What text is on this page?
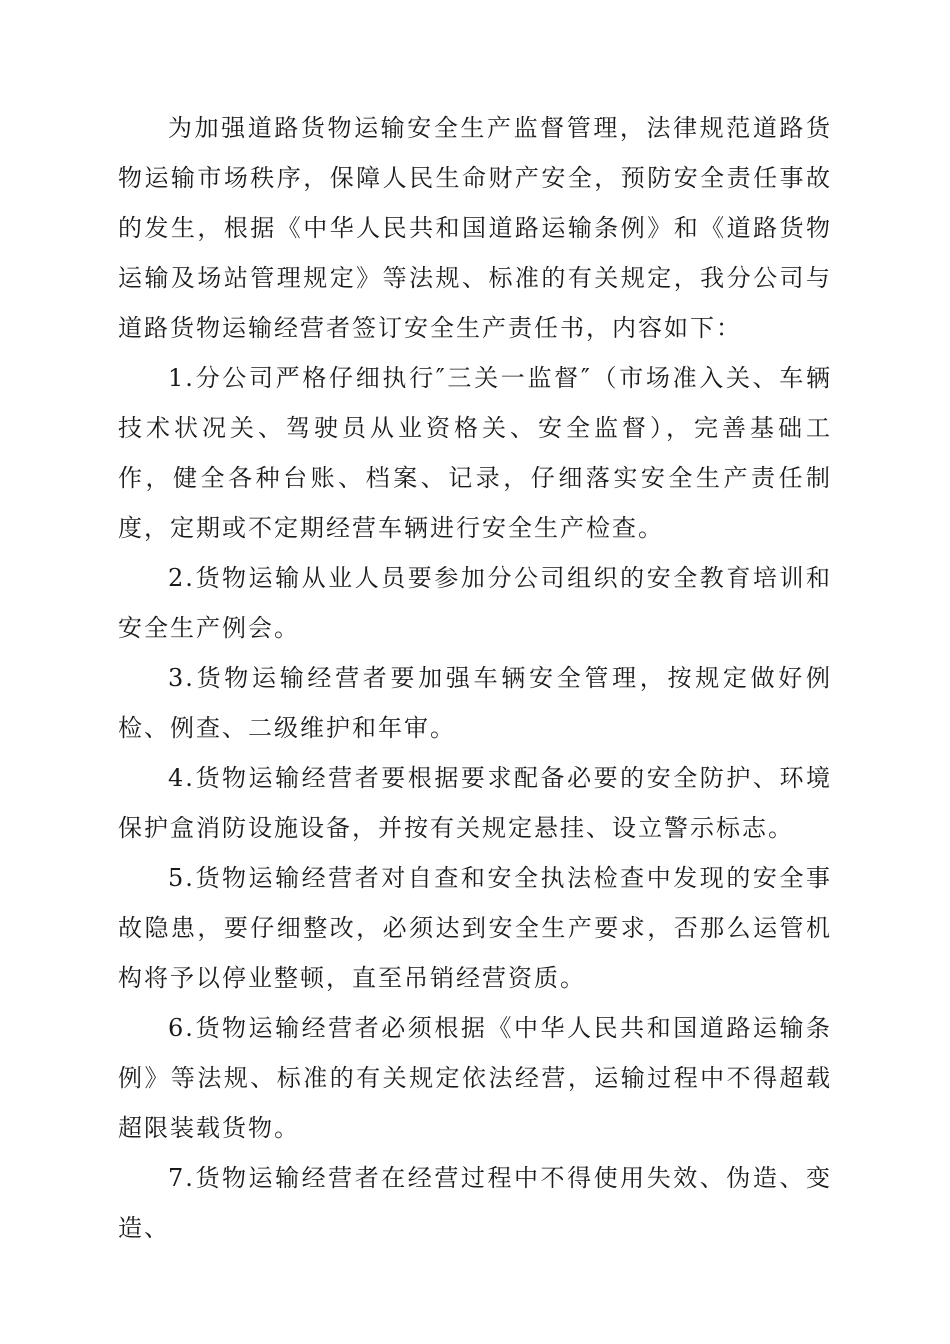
为加强道路货物运输安全生产监督管理，法律规范道路货物运输市场秩序，保障人民生命财产安全，预防安全责任事故的发生，根据《中华人民共和国道路运输条例》和《道路货物运输及场站管理规定》等法规、标准的有关规定，我分公司与道路货物运输经营者签订安全生产责任书，内容如下：

1.分公司严格仔细执行″三关一监督″（市场准入关、车辆技术状况关、驾驶员从业资格关、安全监督），完善基础工作，健全各种台账、档案、记录，仔细落实安全生产责任制度，定期或不定期经营车辆进行安全生产检查。

2.货物运输从业人员要参加分公司组织的安全教育培训和安全生产例会。

3.货物运输经营者要加强车辆安全管理，按规定做好例检、例查、二级维护和年审。

4.货物运输经营者要根据要求配备必要的安全防护、环境保护盒消防设施设备，并按有关规定悬挂、设立警示标志。

5.货物运输经营者对自查和安全执法检查中发现的安全事故隐患，要仔细整改，必须达到安全生产要求，否那么运管机构将予以停业整顿，直至吊销经营资质。

6.货物运输经营者必须根据《中华人民共和国道路运输条例》等法规、标准的有关规定依法经营，运输过程中不得超载超限装载货物。

7.货物运输经营者在经营过程中不得使用失效、伪造、变造、
